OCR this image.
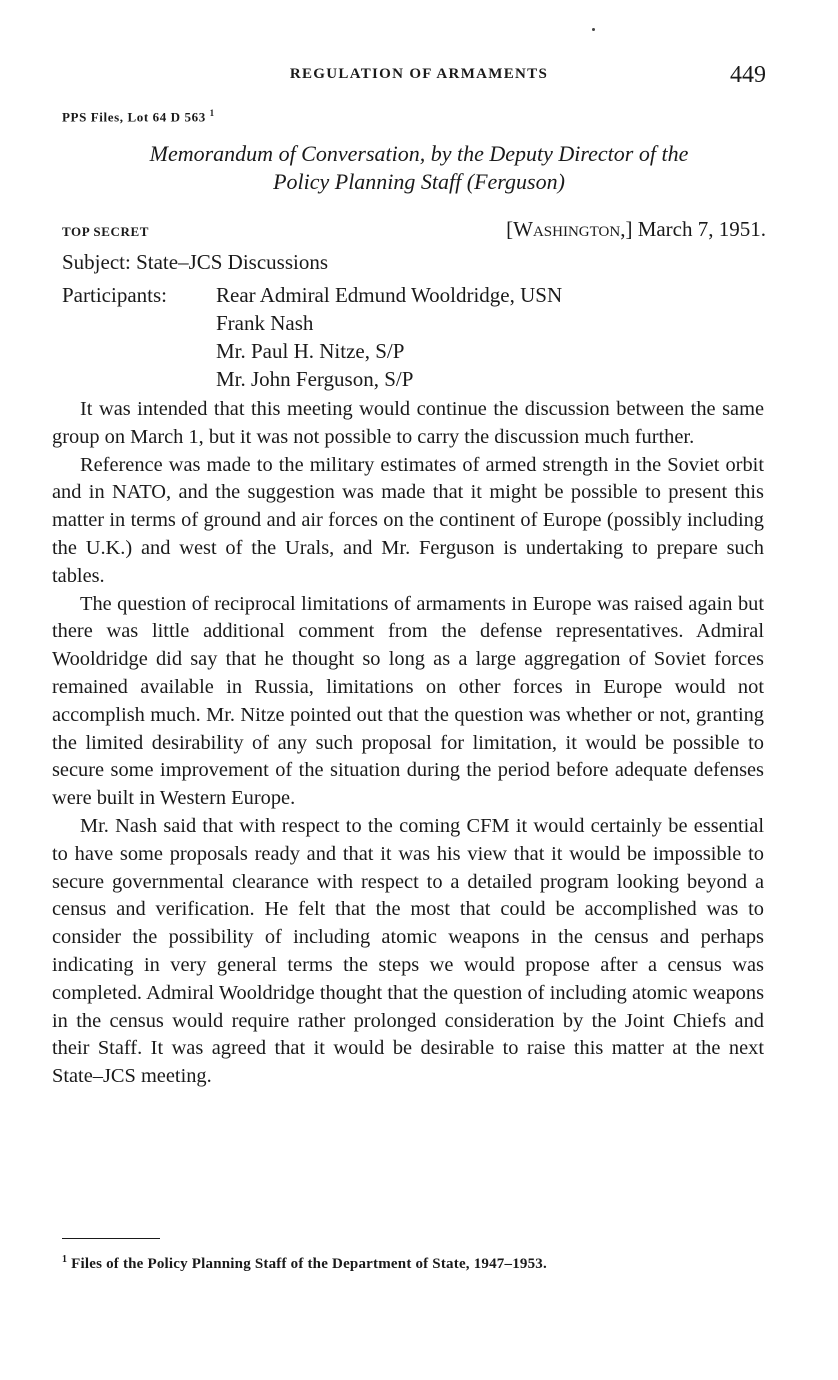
REGULATION OF ARMAMENTS	449
PPS Files, Lot 64 D 563 $^1$
Memorandum of Conversation, by the Deputy Director of the
Policy Planning Staff (Ferguson)
TOP SECRET	[Washington,] March 7, 1951.
Subject: State–JCS Discussions
Participants: Rear Admiral Edmund Wooldridge, USN
Frank Nash
Mr. Paul H. Nitze, S/P
Mr. John Ferguson, S/P

It was intended that this meeting would continue the discussion between the same group on March 1, but it was not possible to carry the discussion much further.

Reference was made to the military estimates of armed strength in the Soviet orbit and in NATO, and the suggestion was made that it might be possible to present this matter in terms of ground and air forces on the continent of Europe (possibly including the U.K.) and west of the Urals, and Mr. Ferguson is undertaking to prepare such tables.

The question of reciprocal limitations of armaments in Europe was raised again but there was little additional comment from the defense representatives. Admiral Wooldridge did say that he thought so long as a large aggregation of Soviet forces remained available in Russia, limitations on other forces in Europe would not accomplish much. Mr. Nitze pointed out that the question was whether or not, granting the limited desirability of any such proposal for limitation, it would be possible to secure some improvement of the situation during the period before adequate defenses were built in Western Europe.

Mr. Nash said that with respect to the coming CFM it would certainly be essential to have some proposals ready and that it was his view that it would be impossible to secure governmental clearance with respect to a detailed program looking beyond a census and verification. He felt that the most that could be accomplished was to consider the possibility of including atomic weapons in the census and perhaps indicating in very general terms the steps we would propose after a census was completed. Admiral Wooldridge thought that the question of including atomic weapons in the census would require rather prolonged consideration by the Joint Chiefs and their Staff. It was agreed that it would be desirable to raise this matter at the next State–JCS meeting.

$^1$ Files of the Policy Planning Staff of the Department of State, 1947–1953.
